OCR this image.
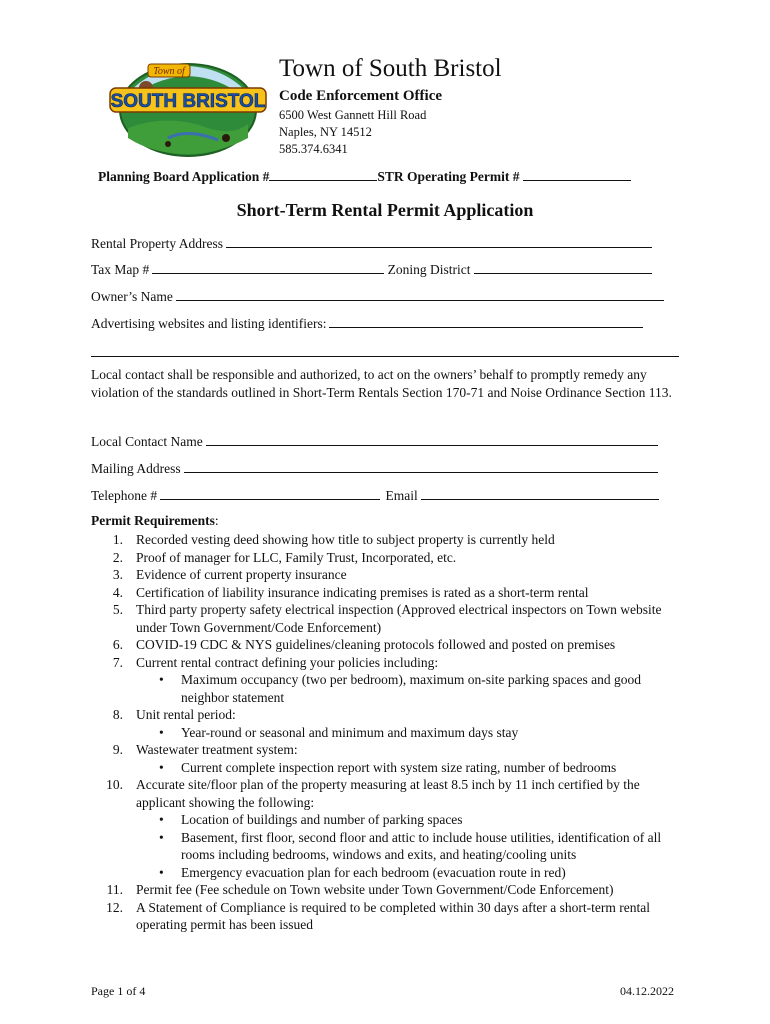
Town of
SOUTH BRISTOL
Town of South Bristol
Code Enforcement Office
6500 West Gannett Hill Road
Naples, NY 14512
585.374.6341
Planning Board Application #	STR Operating Permit #
Short-Term Rental Permit Application
Rental Property Address
Tax Map #	Zoning District
Owner’s Name
Advertising websites and listing identifiers:
Local contact shall be responsible and authorized, to act on the owners’ behalf to promptly remedy any violation of the standards outlined in Short-Term Rentals Section 170-71 and Noise Ordinance Section 113.
Local Contact Name
Mailing Address
Telephone #	Email
Permit Requirements:
1. Recorded vesting deed showing how title to subject property is currently held
2. Proof of manager for LLC, Family Trust, Incorporated, etc.
3. Evidence of current property insurance
4. Certification of liability insurance indicating premises is rated as a short-term rental
5. Third party property safety electrical inspection (Approved electrical inspectors on Town website under Town Government/Code Enforcement)
6. COVID-19 CDC & NYS guidelines/cleaning protocols followed and posted on premises
7. Current rental contract defining your policies including:
• Maximum occupancy (two per bedroom), maximum on-site parking spaces and good neighbor statement
8. Unit rental period:
• Year-round or seasonal and minimum and maximum days stay
9. Wastewater treatment system:
• Current complete inspection report with system size rating, number of bedrooms
10. Accurate site/floor plan of the property measuring at least 8.5 inch by 11 inch certified by the applicant showing the following:
• Location of buildings and number of parking spaces
• Basement, first floor, second floor and attic to include house utilities, identification of all rooms including bedrooms, windows and exits, and heating/cooling units
• Emergency evacuation plan for each bedroom (evacuation route in red)
11. Permit fee (Fee schedule on Town website under Town Government/Code Enforcement)
12. A Statement of Compliance is required to be completed within 30 days after a short-term rental operating permit has been issued
Page 1 of 4	04.12.2022
